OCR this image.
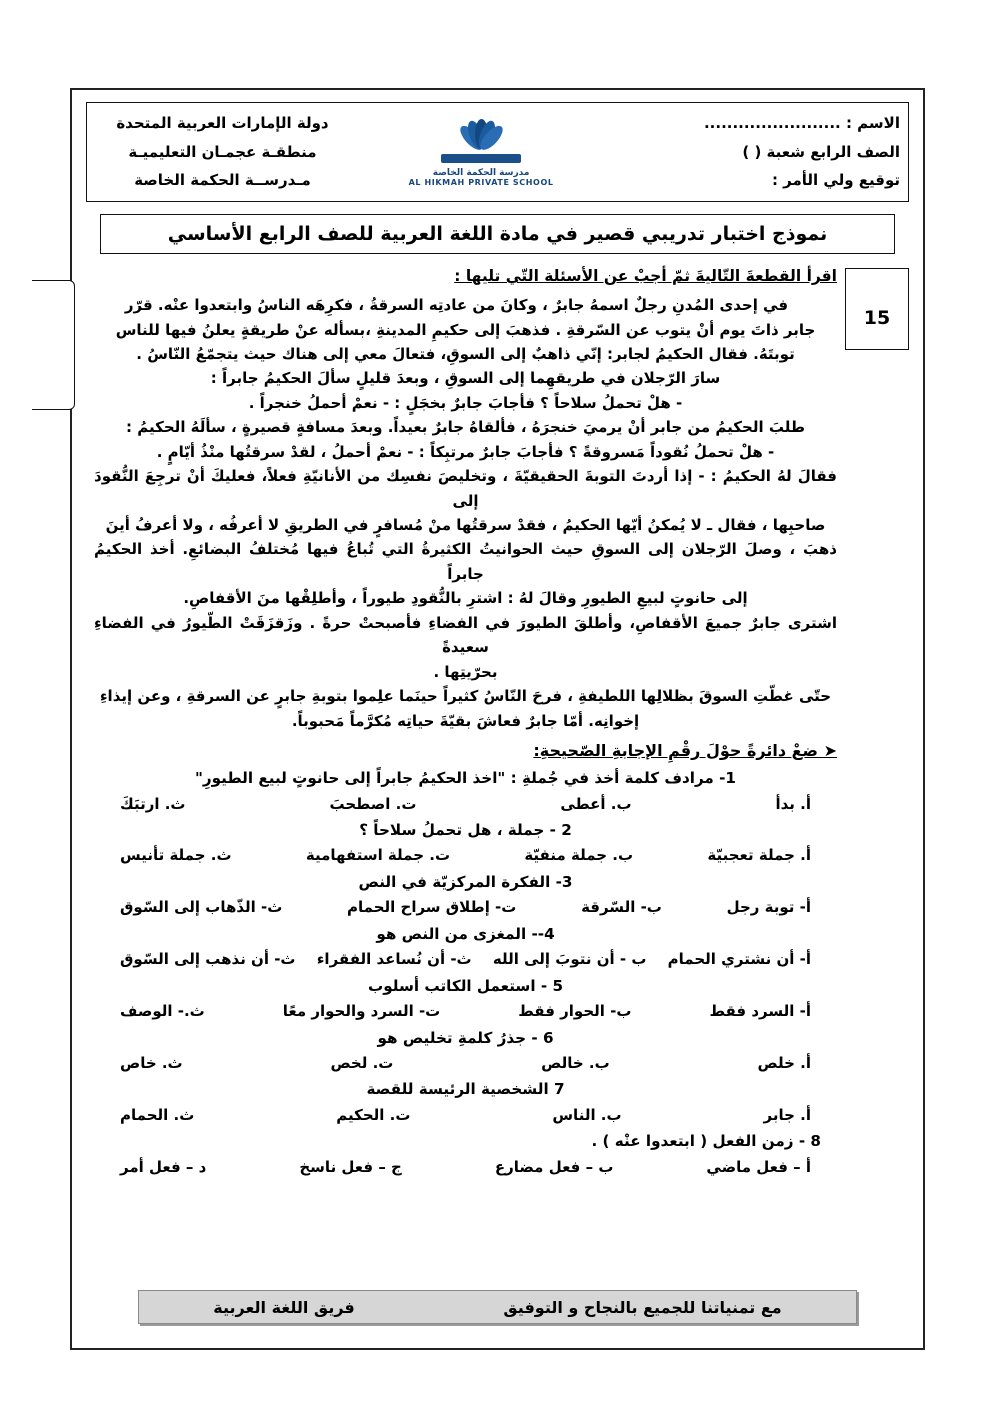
الاسم : ........................
الصف الرابع شعبة ( )
توقيع ولي الأمر :
مدرسة الحكمة الخاصة
AL HIKMAH PRIVATE SCHOOL
دولة الإمارات العربية المتحدة
منطقـة عجمـان التعليميـة
مـدرســة الحكمة الخاصة
نموذج اختبار تدريبي قصير في مادة اللغة العربية للصف الرابع الأساسي
15
اقرأ القطعةَ التّاليةَ ثمّ أجبْ عن الأسئلة التّي تليها :

في إحدى المُدنِ رجلٌ اسمهُ جابرٌ ، وكانَ من عادتِه السرقةُ ، فكرِهَه الناسُ وابتعدوا عنْه. قرّر

جابر ذاتَ يوم أنْ يتوب عن السّرقةِ . فذهبَ إلى حكيمِ المدينةِ ،بسأله عنْ طريقةٍ يعلنُ فيها للناس

توبتَهُ. فقال الحكيمُ لجابر: إنّي ذاهبٌ إلى السوقِ، فتعالَ معي إلى هناك حيث يتجمّعُ النّاسُ .

سارَ الرّجلان في طريقهِما إلى السوقِ ، وبعدَ قليلٍ سألَ الحكيمُ جابراً :

- هلْ تحملُ سلاحاً ؟ فأجابَ جابرٌ بخجَلٍ : - نعمْ أحملُ خنجراً .

طلبَ الحكيمُ من جابر أنْ يرميَ خنجرَهُ ، فألقاهُ جابرٌ بعيداً. وبعدَ مسافةٍ قصيرةٍ ، سألَهُ الحكيمُ :

- هلْ تحملُ نُقوداً مَسروقةً ؟ فأجابَ جابرٌ مرتبِكاً : - نعمْ أحملُ ، لقدْ سرقتُها منْذُ أيّامٍ .

فقالَ لهُ الحكيمُ : - إذا أردتَ التوبةَ الحقيقيّةَ ، وتخليصَ نفسِك من الأنانيّةِ فعلاً، فعليكَ أنْ ترجِعَ النُّقودَ إلى

صاحبِها ، فقال ـ لا يُمكنُ أيّها الحكيمُ ، فقدْ سرقتُها منْ مُسافرٍ في الطريقِ لا أعرفُه ، ولا أعرفُ أينَ

ذهبَ ، وصلَ الرّجلان إلى السوقِ حيث الحوانيتُ الكثيرةُ التي تُباعُ فيها مُختلفُ البضائعِ. أخذ الحكيمُ جابراً

إلى حانوتٍ لبيعِ الطيورِ وقالَ لهُ : اشترِ بالنُّقودِ طيوراً ، وأطلِقْها منَ الأقفاصِ.

اشترى جابرٌ جميعَ الأقفاصِ، وأطلقَ الطيورَ في الفضاءِ فأصبحتْ حرةً . وزَقزَقَتْ الطّيورُ في الفضاءِ سعيدةً

بحرّيتِها .

حتّى غطّتِ السوقَ بظلالِها اللطيفةِ ، فرحَ النّاسُ كثيراً حينَما علِموا بتوبةِ جابرٍ عن السرقةِ ، وعن إيذاءِ

إخوانِه. أمّا جابرٌ فعاشَ بقيّةَ حياتِه مُكرَّماً مَحبوباً.

➤ ضعْ دائرةً حوْلَ رقْمِ الإجابةِ الصّحيحةِ:
1- مرادف كلمة أخذ في جُملةِ : "اخذ الحكيمُ جابراً إلى حانوتٍ لبيع الطيورِ"
أ. بدأ
ب. أعطى
ت. اصطحبَ
ث. ارتبَكَ
2 - جملة ، هل تحملُ سلاحاً ؟
أ. جملة تعجبيّة
ب. جملة منفيّة
ت. جملة استفهامية
ث. جملة تأنيس
3- الفكرة المركزيّة في النص
أ- توبة رجل
ب- السّرقة
ت- إطلاق سراح الحمام
ث- الذّهاب إلى السّوق
4-- المغزى من النص هو
أ- أن نشتري الحمام
ب - أن نتوبَ إلى الله
ث- أن نُساعد الفقراء
ث- أن نذهب إلى السّوق
5 - استعمل الكاتب أسلوب
أ- السرد فقط
ب- الحوار فقط
ت- السرد والحوار معًا
ث.- الوصف
6 - جذرُ كلمةِ تخليص هو
أ. خلص
ب. خالص
ت. لخص
ث. خاص
7 الشخصية الرئيسة للقصة
أ. جابر
ب. الناس
ت. الحكيم
ث. الحمام
8 - زمن الفعل ( ابتعدوا عنْه ) .
أ – فعل ماضي
ب – فعل مضارع
ج – فعل ناسخ
د – فعل أمر
مع تمنياتنا للجميع بالنجاح و التوفيق
فريق اللغة العربية
